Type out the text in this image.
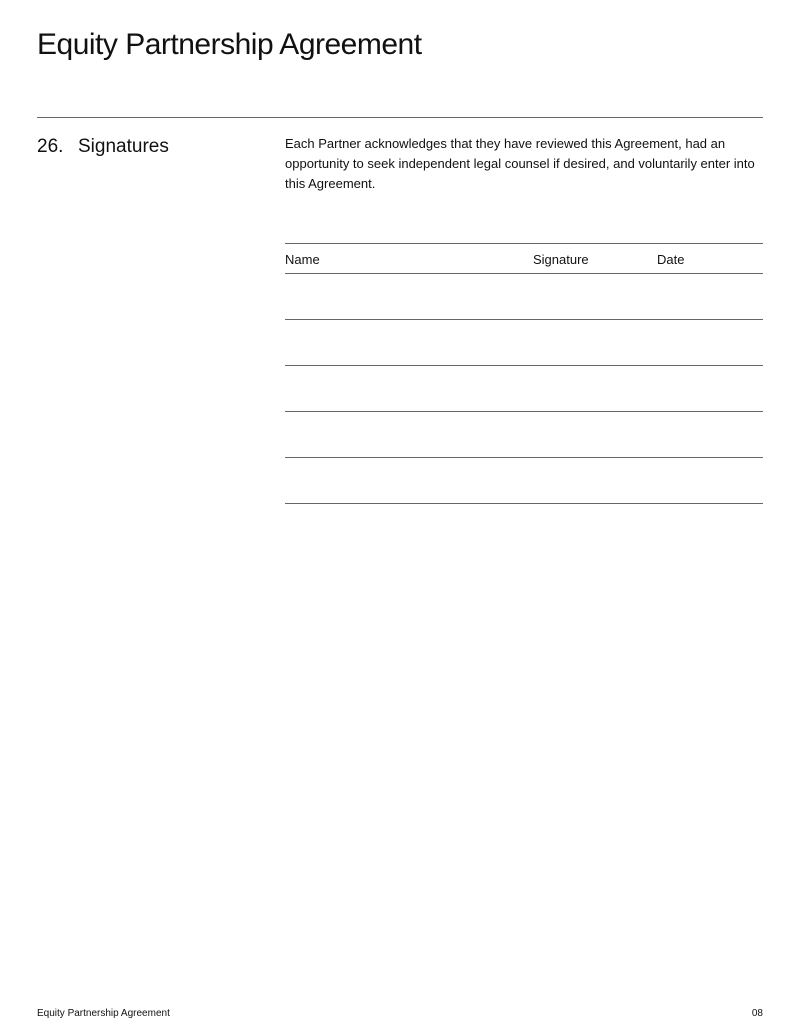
Equity Partnership Agreement
26. Signatures	Each Partner acknowledges that they have reviewed this Agreement, had an opportunity to seek independent legal counsel if desired, and voluntarily enter into this Agreement.

Name	Signature	Date
Equity Partnership Agreement	08
